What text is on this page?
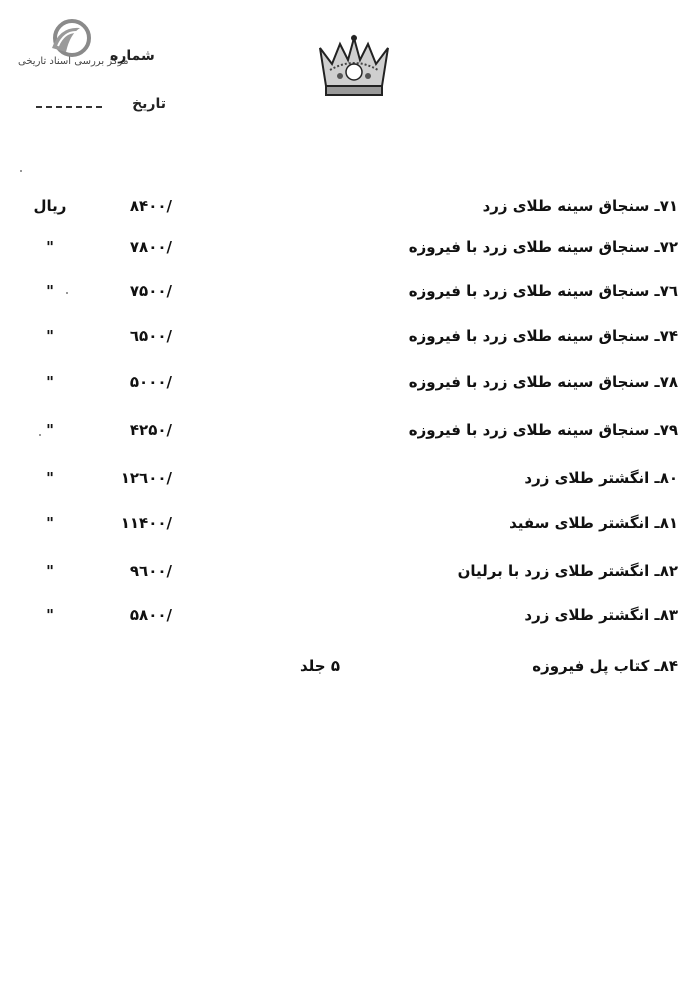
مرکز بررسی اسناد تاریخی
شماره
تاریخ
۷۱ـ سنجاق سینه طلای زرد
۸۴۰۰/
ریال
۷۲ـ سنجاق سینه طلای زرد با فیروزه
۷۸۰۰/
"
۷٦ـ سنجاق سینه طلای زرد با فیروزه
۷۵۰۰/
"
۷۴ـ سنجاق سینه طلای زرد با فیروزه
٦۵۰۰/
"
۷۸ـ سنجاق سینه طلای زرد با فیروزه
۵۰۰۰/
"
۷۹ـ سنجاق سینه طلای زرد با فیروزه
۴۲۵۰/
"
۸۰ـ انگشتر طلای زرد
۱۲٦۰۰/
"
۸۱ـ انگشتر طلای سفید
۱۱۴۰۰/
"
۸۲ـ انگشتر طلای زرد با برلیان
۹٦۰۰/
"
۸۳ـ انگشتر طلای زرد
۵۸۰۰/
"
۸۴ـ کتاب پل فیروزه
۵ جلد
